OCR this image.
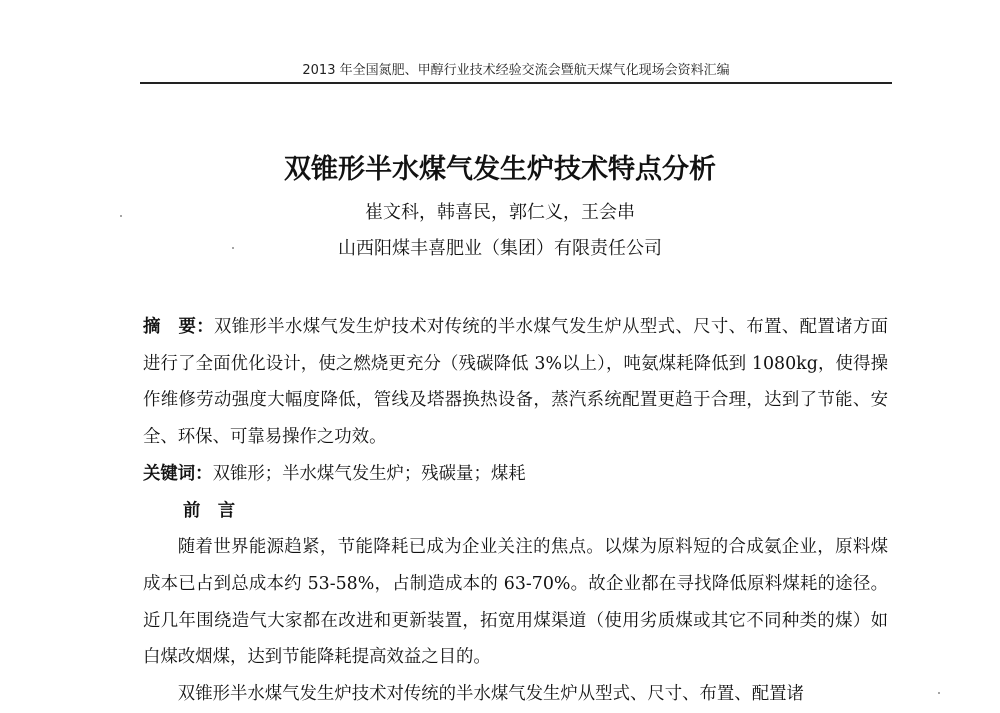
2013 年全国氮肥、甲醇行业技术经验交流会暨航天煤气化现场会资料汇编
双锥形半水煤气发生炉技术特点分析
崔文科，韩喜民，郭仁义，王会串
山西阳煤丰喜肥业（集团）有限责任公司

摘　要：双锥形半水煤气发生炉技术对传统的半水煤气发生炉从型式、尺寸、布置、配置诸方面进行了全面优化设计，使之燃烧更充分（残碳降低 3%以上），吨氨煤耗降低到 1080kg，使得操作维修劳动强度大幅度降低，管线及塔器换热设备，蒸汽系统配置更趋于合理，达到了节能、安全、环保、可靠易操作之功效。

关键词：双锥形；半水煤气发生炉；残碳量；煤耗

前　言

随着世界能源趋紧，节能降耗已成为企业关注的焦点。以煤为原料短的合成氨企业，原料煤成本已占到总成本约 53-58%，占制造成本的 63-70%。故企业都在寻找降低原料煤耗的途径。近几年围绕造气大家都在改进和更新装置，拓宽用煤渠道（使用劣质煤或其它不同种类的煤）如白煤改烟煤，达到节能降耗提高效益之目的。

双锥形半水煤气发生炉技术对传统的半水煤气发生炉从型式、尺寸、布置、配置诸
